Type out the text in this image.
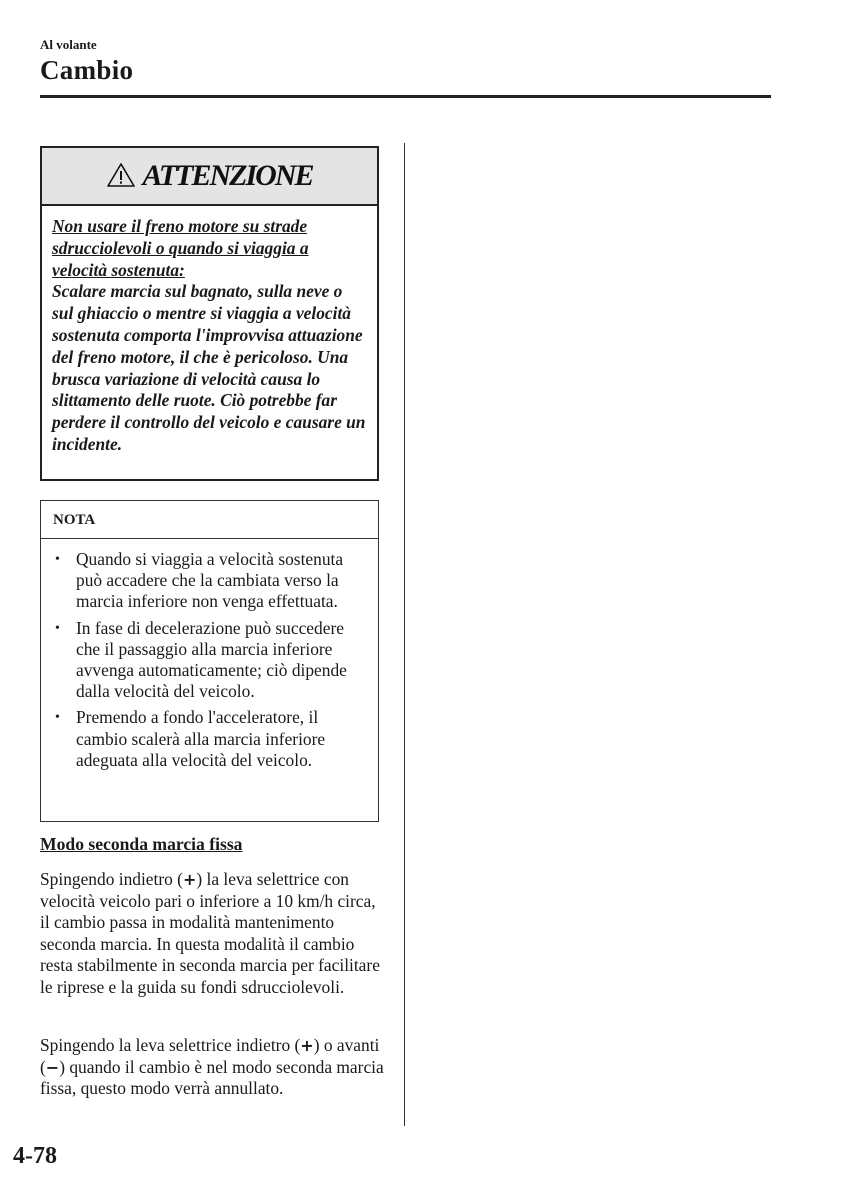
Al volante
Cambio
ATTENZIONE
Non usare il freno motore su strade sdrucciolevoli o quando si viaggia a velocità sostenuta:
Scalare marcia sul bagnato, sulla neve o sul ghiaccio o mentre si viaggia a velocità sostenuta comporta l'improvvisa attuazione del freno motore, il che è pericoloso. Una brusca variazione di velocità causa lo slittamento delle ruote. Ciò potrebbe far perdere il controllo del veicolo e causare un incidente.
NOTA
• Quando si viaggia a velocità sostenuta può accadere che la cambiata verso la marcia inferiore non venga effettuata.
• In fase di decelerazione può succedere che il passaggio alla marcia inferiore avvenga automaticamente; ciò dipende dalla velocità del veicolo.
• Premendo a fondo l'acceleratore, il cambio scalerà alla marcia inferiore adeguata alla velocità del veicolo.
Modo seconda marcia fissa
Spingendo indietro (+) la leva selettrice con velocità veicolo pari o inferiore a 10 km/h circa, il cambio passa in modalità mantenimento seconda marcia. In questa modalità il cambio resta stabilmente in seconda marcia per facilitare le riprese e la guida su fondi sdrucciolevoli.
Spingendo la leva selettrice indietro (+) o avanti (−) quando il cambio è nel modo seconda marcia fissa, questo modo verrà annullato.
4-78
